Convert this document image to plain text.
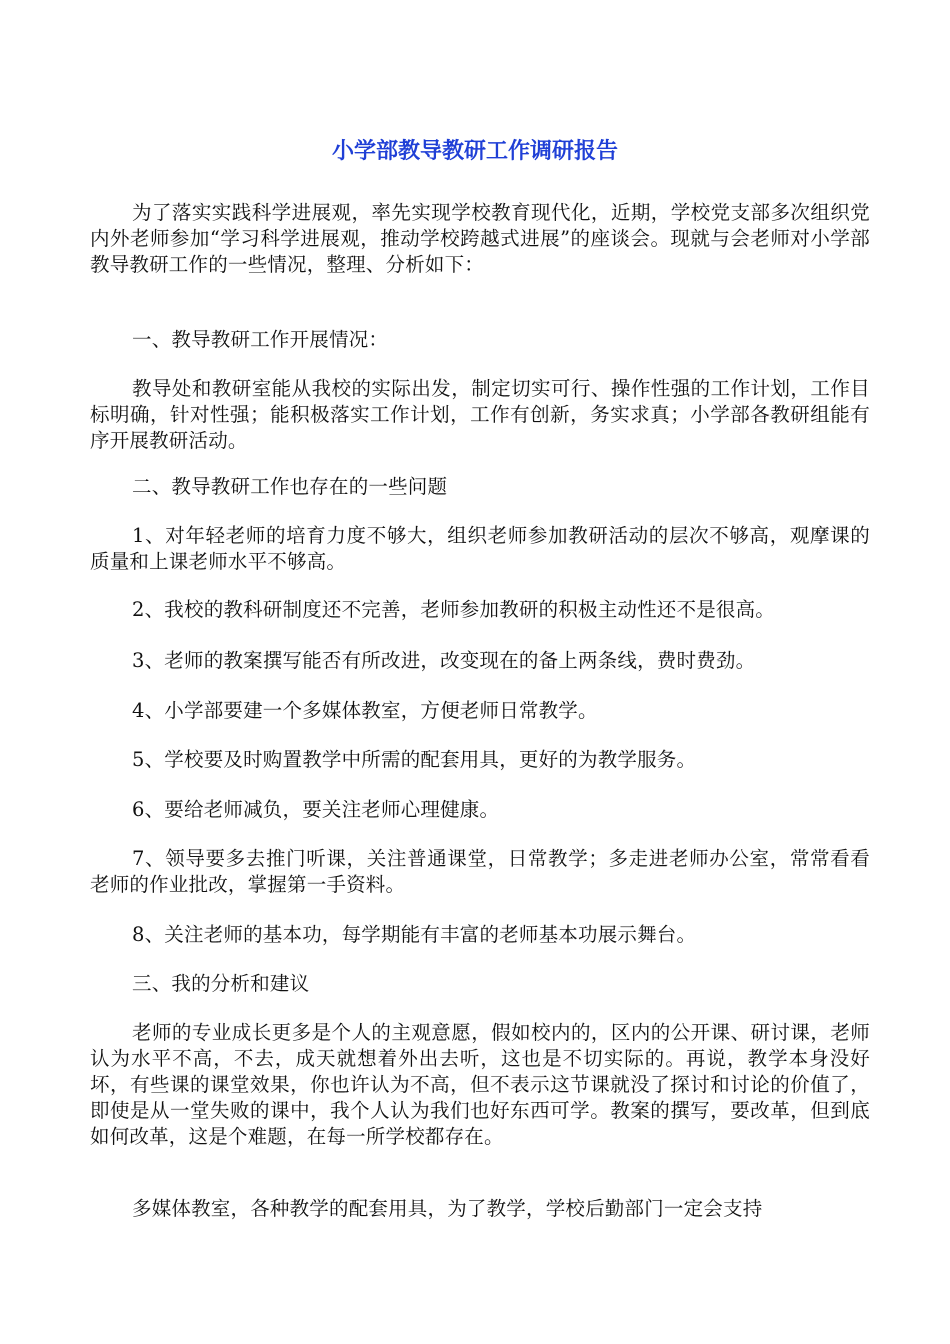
小学部教导教研工作调研报告

为了落实实践科学进展观，率先实现学校教育现代化，近期，学校党支部多次组织党内外老师参加“学习科学进展观，推动学校跨越式进展”的座谈会。现就与会老师对小学部教导教研工作的一些情况，整理、分析如下：

一、教导教研工作开展情况：

教导处和教研室能从我校的实际出发，制定切实可行、操作性强的工作计划，工作目标明确，针对性强；能积极落实工作计划，工作有创新，务实求真；小学部各教研组能有序开展教研活动。

二、教导教研工作也存在的一些问题

1、对年轻老师的培育力度不够大，组织老师参加教研活动的层次不够高，观摩课的质量和上课老师水平不够高。

2、我校的教科研制度还不完善，老师参加教研的积极主动性还不是很高。

3、老师的教案撰写能否有所改进，改变现在的备上两条线，费时费劲。

4、小学部要建一个多媒体教室，方便老师日常教学。

5、学校要及时购置教学中所需的配套用具，更好的为教学服务。

6、要给老师减负，要关注老师心理健康。

7、领导要多去推门听课，关注普通课堂，日常教学；多走进老师办公室，常常看看老师的作业批改，掌握第一手资料。

8、关注老师的基本功，每学期能有丰富的老师基本功展示舞台。

三、我的分析和建议

老师的专业成长更多是个人的主观意愿，假如校内的，区内的公开课、研讨课，老师认为水平不高，不去，成天就想着外出去听，这也是不切实际的。再说，教学本身没好坏，有些课的课堂效果，你也许认为不高，但不表示这节课就没了探讨和讨论的价值了，即使是从一堂失败的课中，我个人认为我们也好东西可学。教案的撰写，要改革，但到底如何改革，这是个难题，在每一所学校都存在。

多媒体教室，各种教学的配套用具，为了教学，学校后勤部门一定会支持
